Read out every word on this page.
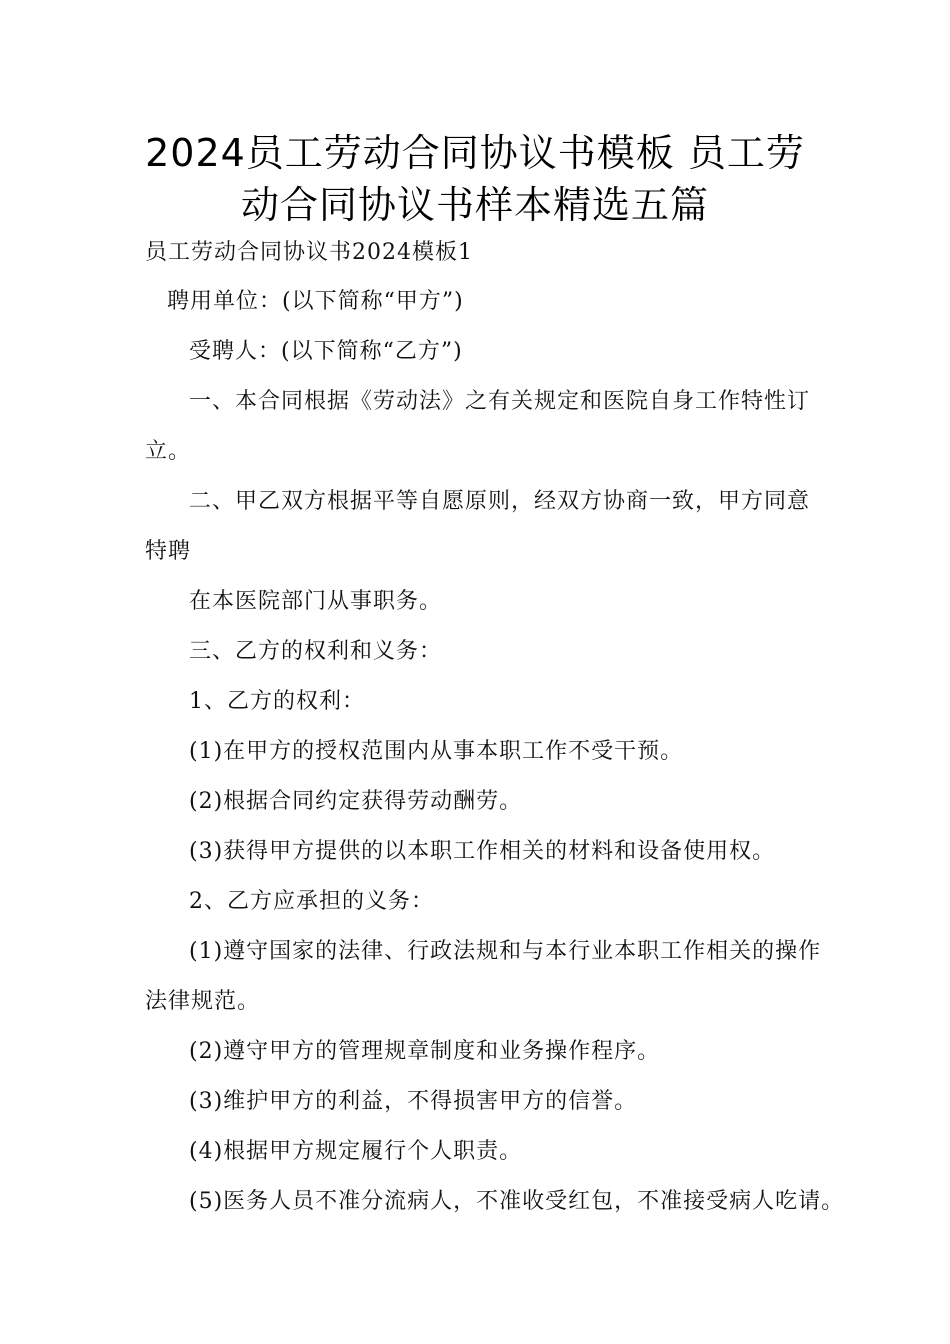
2024员工劳动合同协议书模板 员工劳
动合同协议书样本精选五篇
员工劳动合同协议书2024模板1
聘用单位：(以下简称“甲方”)
受聘人：(以下简称“乙方”)
一、本合同根据《劳动法》之有关规定和医院自身工作特性订
立。
二、甲乙双方根据平等自愿原则，经双方协商一致，甲方同意
特聘
在本医院部门从事职务。
三、乙方的权利和义务：
1、乙方的权利：
(1)在甲方的授权范围内从事本职工作不受干预。
(2)根据合同约定获得劳动酬劳。
(3)获得甲方提供的以本职工作相关的材料和设备使用权。
2、乙方应承担的义务：
(1)遵守国家的法律、行政法规和与本行业本职工作相关的操作
法律规范。
(2)遵守甲方的管理规章制度和业务操作程序。
(3)维护甲方的利益，不得损害甲方的信誉。
(4)根据甲方规定履行个人职责。
(5)医务人员不准分流病人，不准收受红包，不准接受病人吃请。
